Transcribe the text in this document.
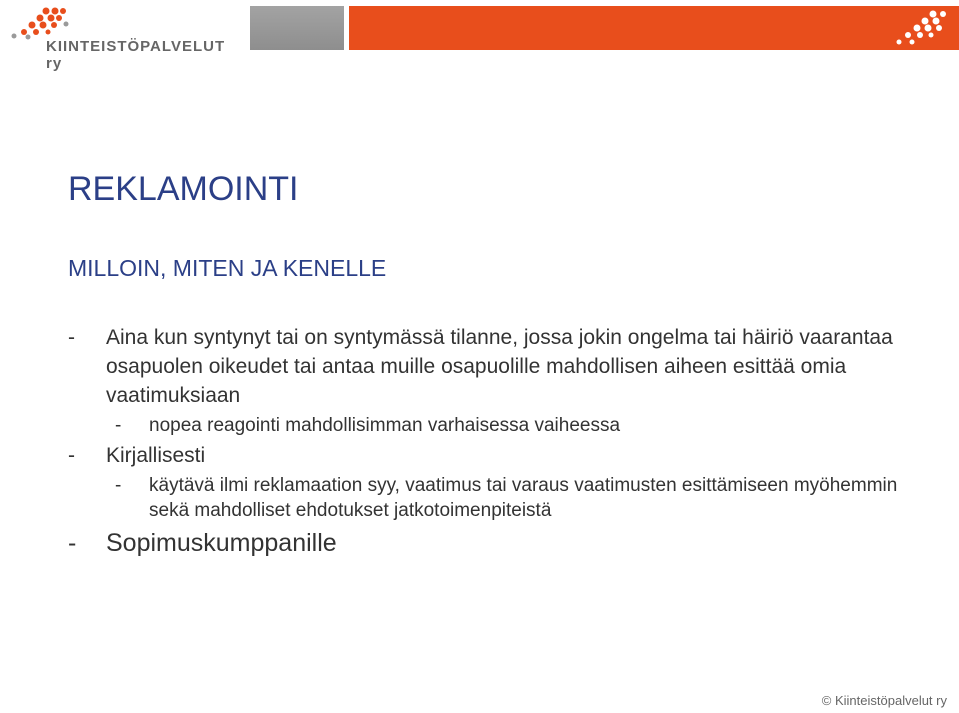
KIINTEISTÖPALVELUT ry
REKLAMOINTI
MILLOIN, MITEN JA KENELLE
-	Aina kun syntynyt tai on syntymässä tilanne, jossa jokin ongelma tai häiriö vaarantaa osapuolen oikeudet tai antaa muille osapuolille mahdollisen aiheen esittää omia vaatimuksiaan
-	nopea reagointi mahdollisimman varhaisessa vaiheessa
-	Kirjallisesti
-	käytävä ilmi reklamaation syy, vaatimus tai varaus vaatimusten esittämiseen myöhemmin sekä mahdolliset ehdotukset jatkotoimenpiteistä
-	Sopimuskumppanille
© Kiinteistöpalvelut ry
